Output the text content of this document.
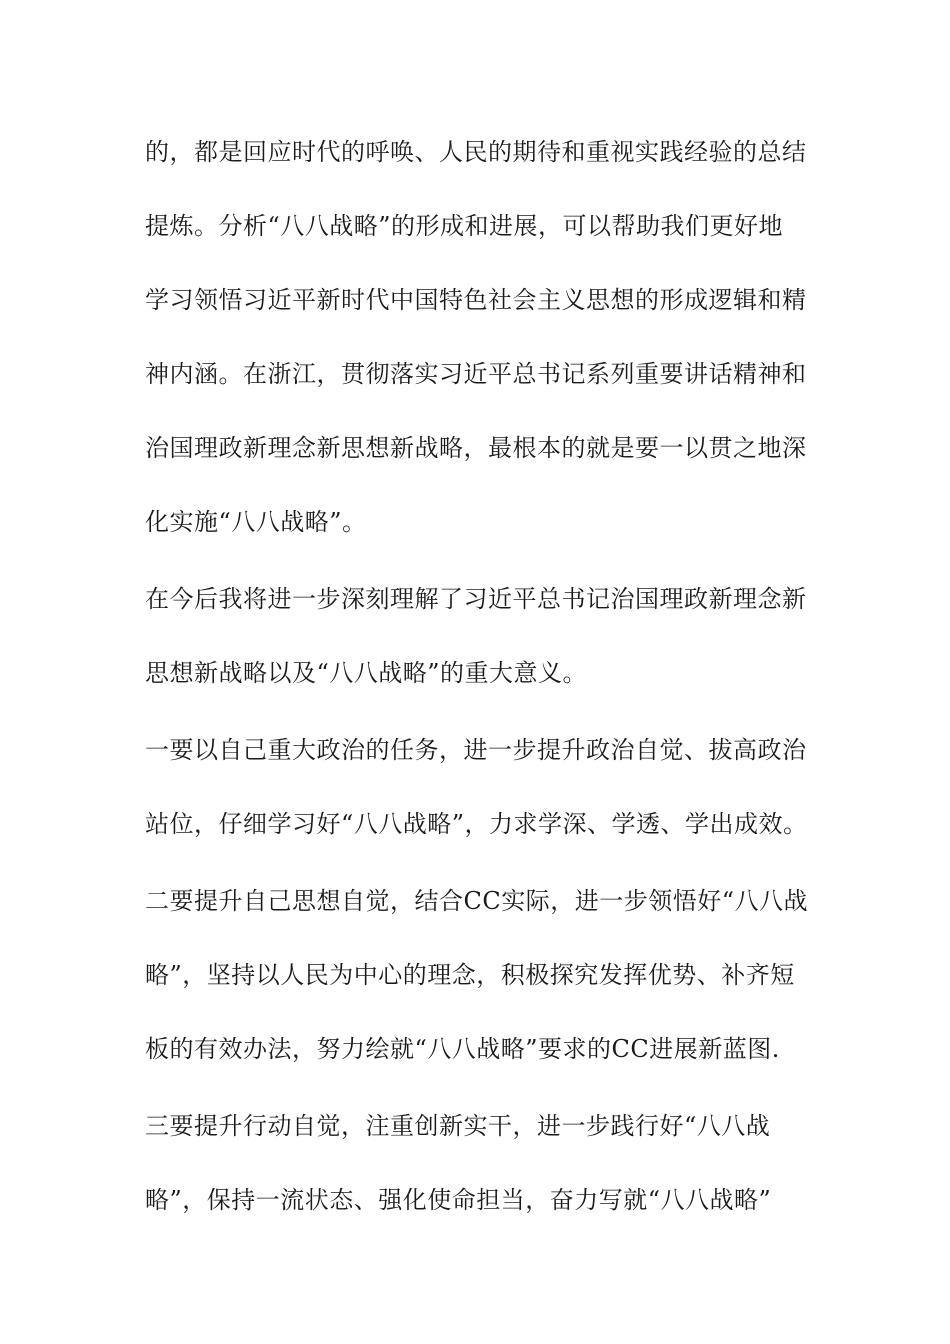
的，都是回应时代的呼唤、人民的期待和重视实践经验的总结
提炼。分析“八八战略”的形成和进展，可以帮助我们更好地
学习领悟习近平新时代中国特色社会主义思想的形成逻辑和精
神内涵。在浙江，贯彻落实习近平总书记系列重要讲话精神和
治国理政新理念新思想新战略，最根本的就是要一以贯之地深
化实施“八八战略”。
在今后我将进一步深刻理解了习近平总书记治国理政新理念新
思想新战略以及“八八战略”的重大意义。
一要以自己重大政治的任务，进一步提升政治自觉、拔高政治
站位，仔细学习好“八八战略”，力求学深、学透、学出成效。
二要提升自己思想自觉，结合CC实际，进一步领悟好“八八战
略”，坚持以人民为中心的理念，积极探究发挥优势、补齐短
板的有效办法，努力绘就“八八战略”要求的CC进展新蓝图.
三要提升行动自觉，注重创新实干，进一步践行好“八八战
略”，保持一流状态、强化使命担当，奋力写就“八八战略”
